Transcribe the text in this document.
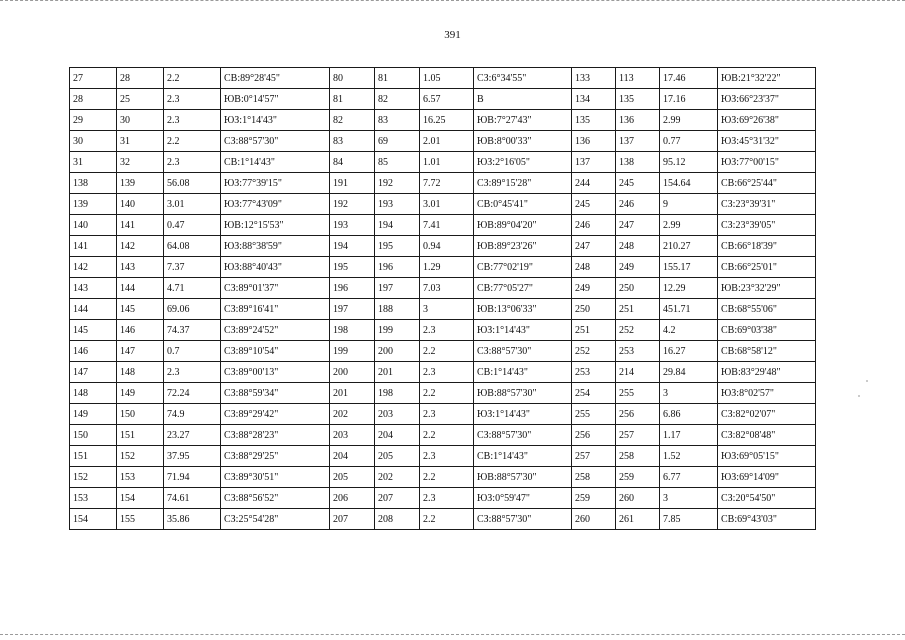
391
27	28	2.2	СВ:89°28'45"	80	81	1.05	СЗ:6°34'55"	133	113	17.46	ЮВ:21°32'22"
28	25	2.3	ЮВ:0°14'57"	81	82	6.57	В	134	135	17.16	ЮЗ:66°23'37"
29	30	2.3	ЮЗ:1°14'43"	82	83	16.25	ЮВ:7°27'43"	135	136	2.99	ЮЗ:69°26'38"
30	31	2.2	СЗ:88°57'30"	83	69	2.01	ЮВ:8°00'33"	136	137	0.77	ЮЗ:45°31'32"
31	32	2.3	СВ:1°14'43"	84	85	1.01	ЮЗ:2°16'05"	137	138	95.12	ЮЗ:77°00'15"
138	139	56.08	ЮЗ:77°39'15"	191	192	7.72	СЗ:89°15'28"	244	245	154.64	СВ:66°25'44"
139	140	3.01	ЮЗ:77°43'09"	192	193	3.01	СВ:0°45'41"	245	246	9	СЗ:23°39'31"
140	141	0.47	ЮВ:12°15'53"	193	194	7.41	ЮВ:89°04'20"	246	247	2.99	СЗ:23°39'05"
141	142	64.08	ЮЗ:88°38'59"	194	195	0.94	ЮВ:89°23'26"	247	248	210.27	СВ:66°18'39"
142	143	7.37	ЮЗ:88°40'43"	195	196	1.29	СВ:77°02'19"	248	249	155.17	СВ:66°25'01"
143	144	4.71	СЗ:89°01'37"	196	197	7.03	СВ:77°05'27"	249	250	12.29	ЮВ:23°32'29"
144	145	69.06	СЗ:89°16'41"	197	188	3	ЮВ:13°06'33"	250	251	451.71	СВ:68°55'06"
145	146	74.37	СЗ:89°24'52"	198	199	2.3	ЮЗ:1°14'43"	251	252	4.2	СВ:69°03'38"
146	147	0.7	СЗ:89°10'54"	199	200	2.2	СЗ:88°57'30"	252	253	16.27	СВ:68°58'12"
147	148	2.3	СЗ:89°00'13"	200	201	2.3	СВ:1°14'43"	253	214	29.84	ЮВ:83°29'48"
148	149	72.24	СЗ:88°59'34"	201	198	2.2	ЮВ:88°57'30"	254	255	3	ЮЗ:8°02'57"
149	150	74.9	СЗ:89°29'42"	202	203	2.3	ЮЗ:1°14'43"	255	256	6.86	СЗ:82°02'07"
150	151	23.27	СЗ:88°28'23"	203	204	2.2	СЗ:88°57'30"	256	257	1.17	СЗ:82°08'48"
151	152	37.95	СЗ:88°29'25"	204	205	2.3	СВ:1°14'43"	257	258	1.52	ЮЗ:69°05'15"
152	153	71.94	СЗ:89°30'51"	205	202	2.2	ЮВ:88°57'30"	258	259	6.77	ЮЗ:69°14'09"
153	154	74.61	СЗ:88°56'52"	206	207	2.3	ЮЗ:0°59'47"	259	260	3	СЗ:20°54'50"
154	155	35.86	СЗ:25°54'28"	207	208	2.2	СЗ:88°57'30"	260	261	7.85	СВ:69°43'03"
